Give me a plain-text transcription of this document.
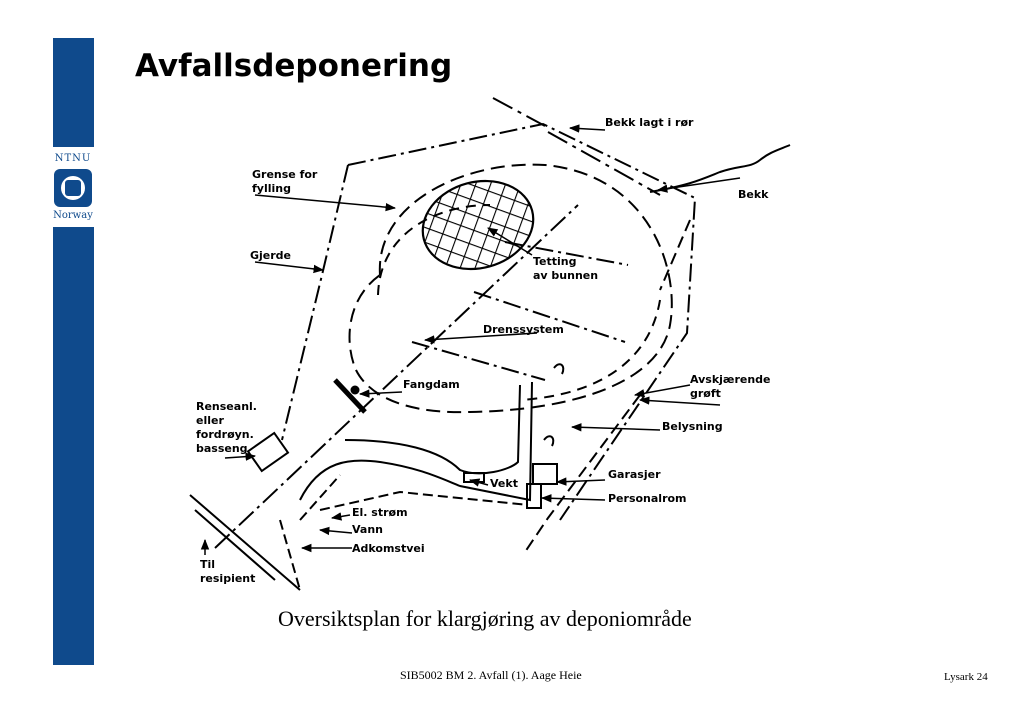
NTNU
Norway
Avfallsdeponering
Bekk lagt i rør
Bekk
Grense for
fylling
Gjerde	Tetting
av bunnen
Drenssystem
Fangdam	Avskjærende
grøft
Belysning
Renseanl.
eller
fordrøyn.
basseng
Vekt
Garasjer
Personalrom
El. strøm
Vann
Adkomstvei
Til
resipient
Oversiktsplan for klargjøring av deponiområde
SIB5002 BM 2. Avfall (1). Aage Heie	Lysark 24
